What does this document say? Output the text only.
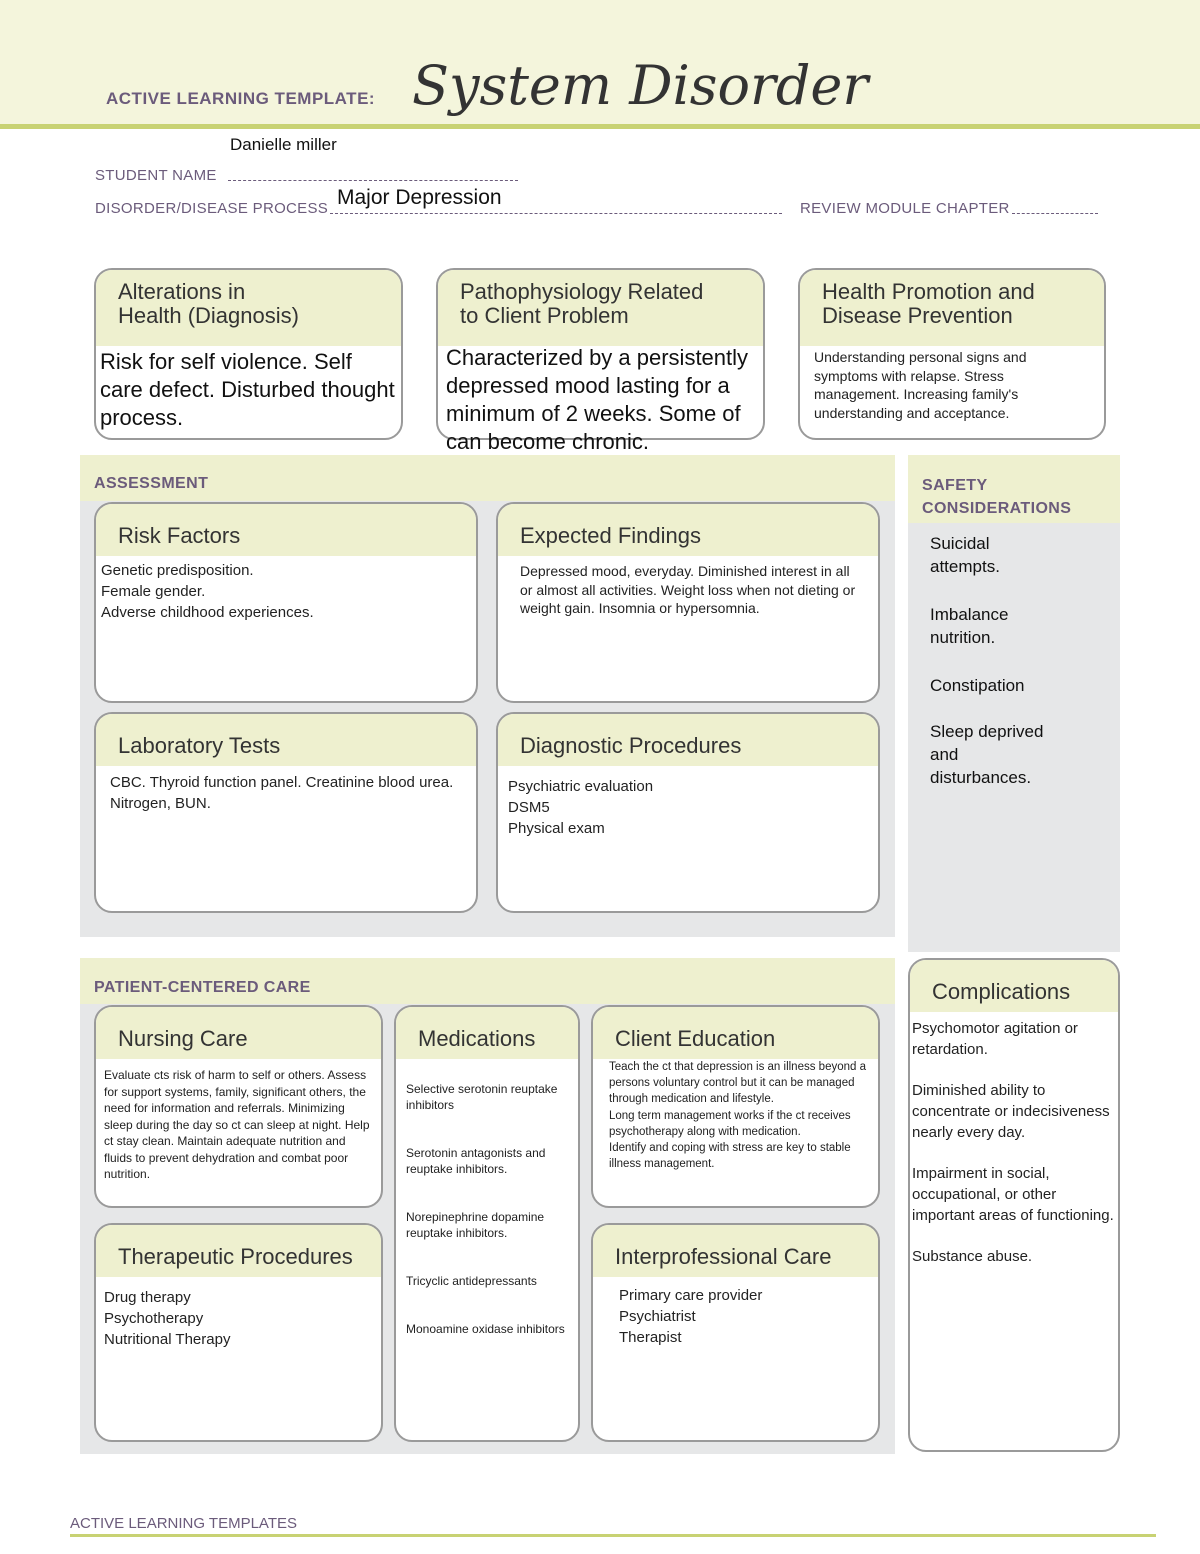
ACTIVE LEARNING TEMPLATE: System Disorder
Danielle miller
STUDENT NAME
DISORDER/DISEASE PROCESS Major Depression	REVIEW MODULE CHAPTER
Alterations in
Health (Diagnosis)
Risk for self violence. Self care defect. Disturbed thought process.
Pathophysiology Related
to Client Problem
Health Promotion and
Disease Prevention
Understanding personal signs and symptoms with relapse. Stress management. Increasing family's understanding and acceptance.
ASSESSMENT
Characterized by a persistently depressed mood lasting for a minimum of 2 weeks. Some of can become chronic.
Risk Factors
Genetic predisposition.
Female gender.
Adverse childhood experiences.
Expected Findings
Depressed mood, everyday. Diminished interest in all or almost all activities. Weight loss when not dieting or weight gain. Insomnia or hypersomnia.
Laboratory Tests
CBC. Thyroid function panel. Creatinine blood urea. Nitrogen, BUN.
Diagnostic Procedures
Psychiatric evaluation
DSM5
Physical exam
SAFETY
CONSIDERATIONS
Suicidal
attempts.
Imbalance
nutrition.
Constipation
Sleep deprived
and
disturbances.
PATIENT-CENTERED CARE
Nursing Care
Evaluate cts risk of harm to self or others. Assess for support systems, family, significant others, the need for information and referrals. Minimizing sleep during the day so ct can sleep at night. Help ct stay clean. Maintain adequate nutrition and fluids to prevent dehydration and combat poor nutrition.
Medications

Selective serotonin reuptake inhibitors

Serotonin antagonists and reuptake inhibitors.

Norepinephrine dopamine reuptake inhibitors.

Tricyclic antidepressants

Monoamine oxidase inhibitors

Client Education
Teach the ct that depression is an illness beyond a persons voluntary control but it can be managed through medication and lifestyle.
Long term management works if the ct receives psychotherapy along with medication.
Identify and coping with stress are key to stable illness management.
Therapeutic Procedures
Drug therapy
Psychotherapy
Nutritional Therapy
Interprofessional Care
Primary care provider
Psychiatrist
Therapist
Complications
Psychomotor agitation or retardation.
Diminished ability to concentrate or indecisiveness nearly every day.
Impairment in social, occupational, or other important areas of functioning.
Substance abuse.
ACTIVE LEARNING TEMPLATES
